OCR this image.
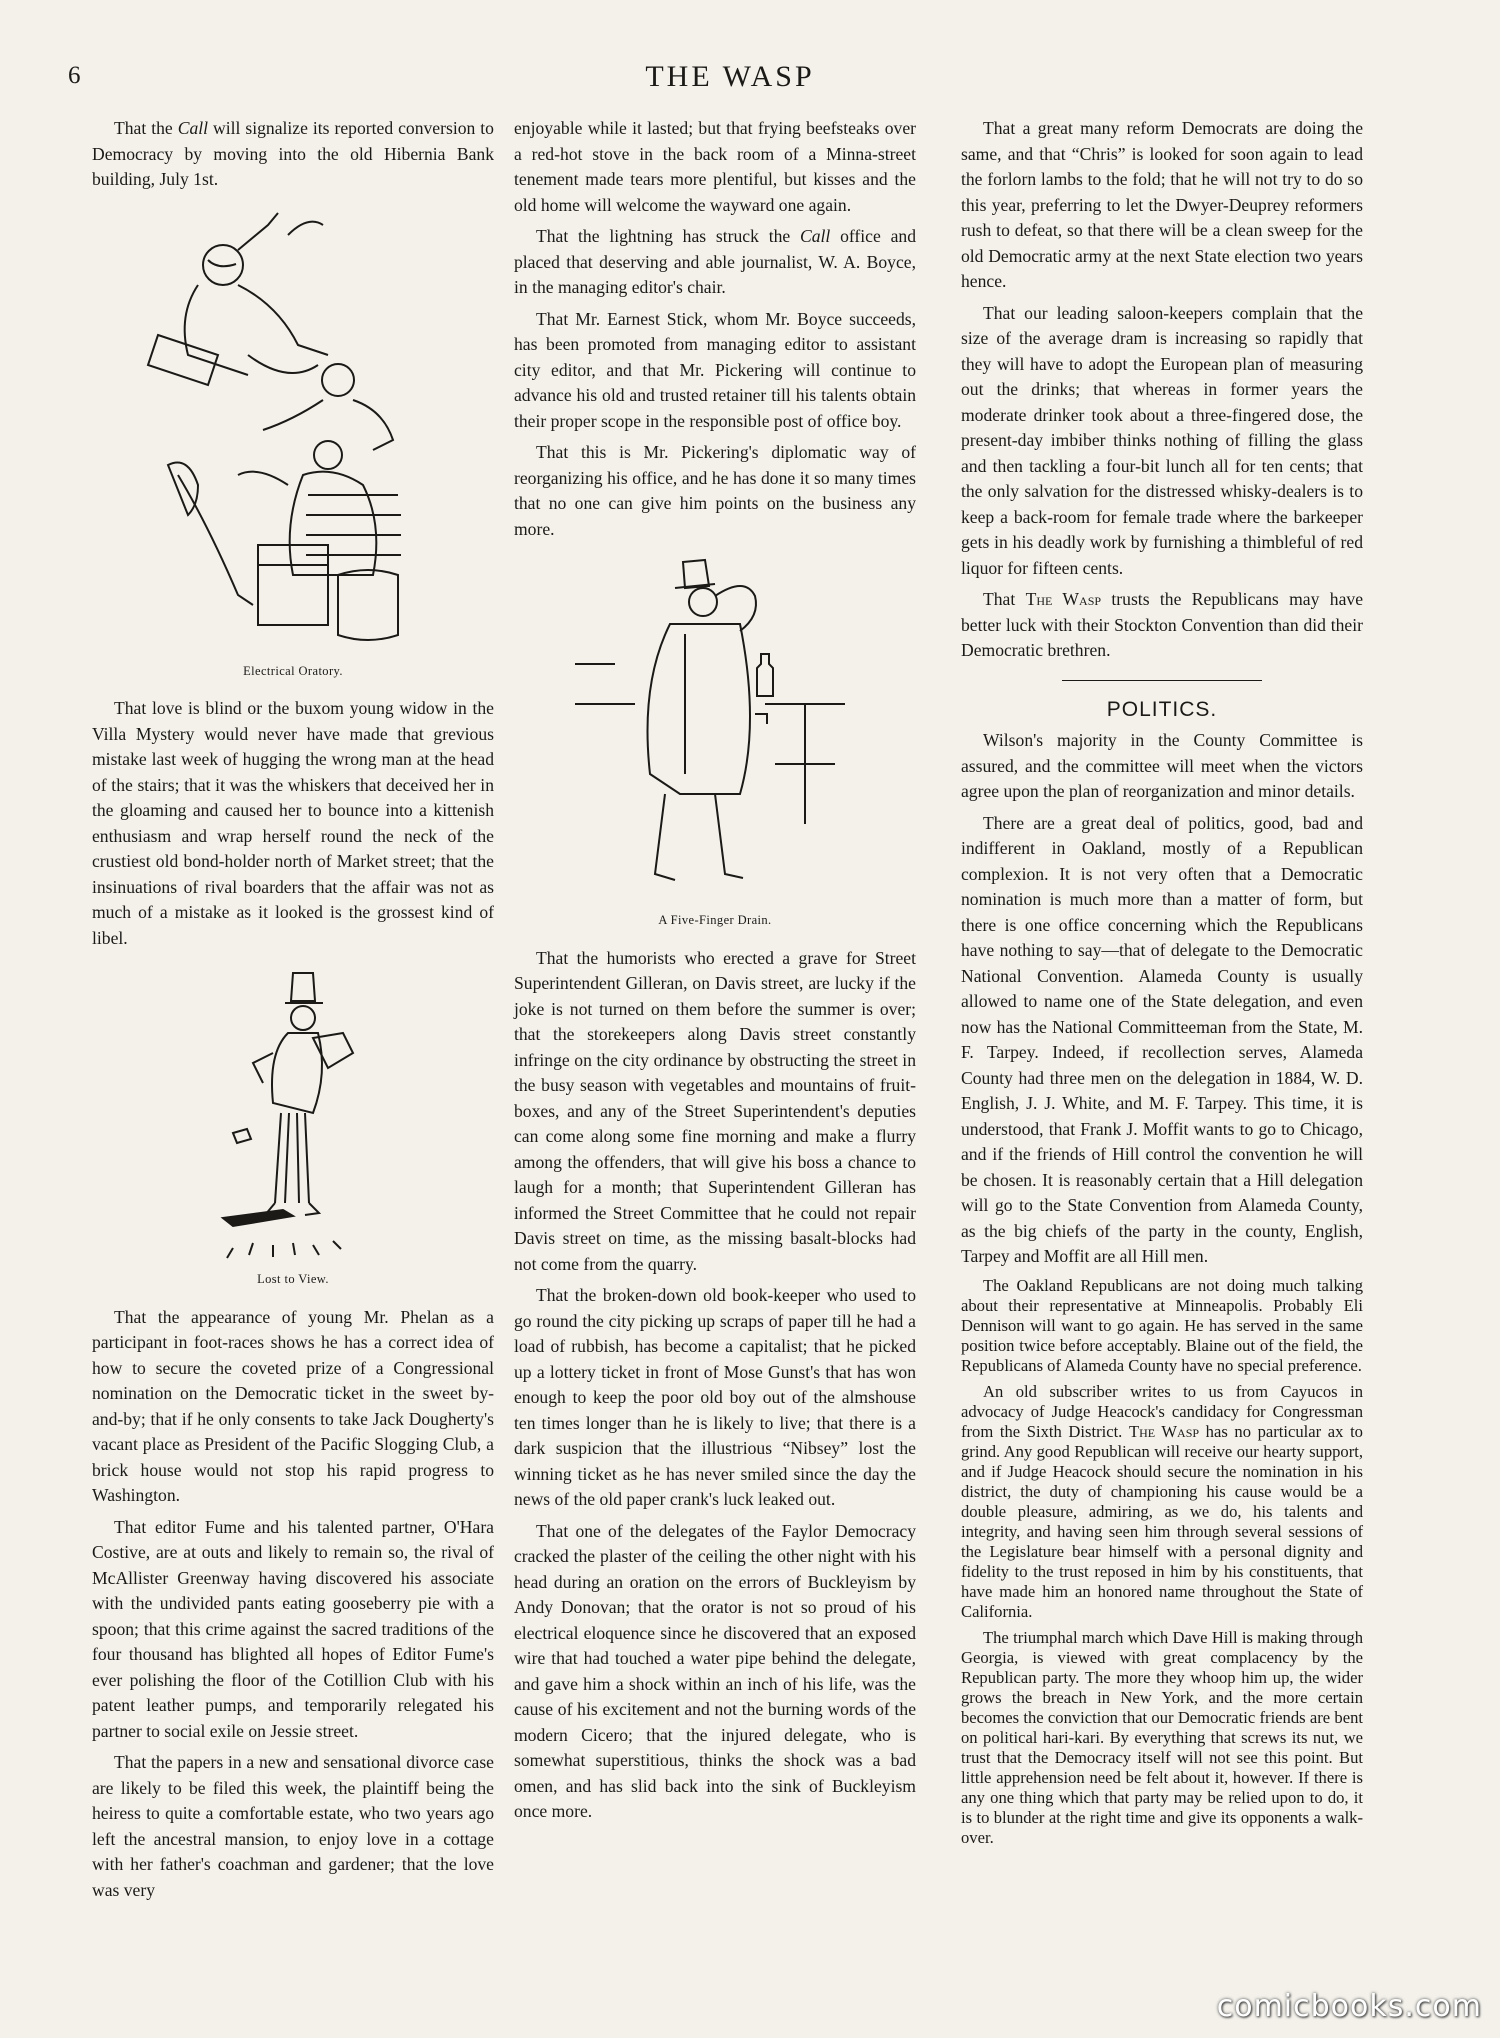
6	THE WASP

That the Call will signalize its reported conversion to Democracy by moving into the old Hibernia Bank building, July 1st.

Electrical Oratory.

That love is blind or the buxom young widow in the Villa Mystery would never have made that grevious mistake last week of hugging the wrong man at the head of the stairs; that it was the whiskers that deceived her in the gloaming and caused her to bounce into a kittenish enthusiasm and wrap herself round the neck of the crustiest old bond-holder north of Market street; that the insinuations of rival boarders that the affair was not as much of a mistake as it looked is the grossest kind of libel.

Lost to View.

That the appearance of young Mr. Phelan as a participant in foot-races shows he has a correct idea of how to secure the coveted prize of a Congressional nomination on the Democratic ticket in the sweet by-and-by; that if he only consents to take Jack Dougherty's vacant place as President of the Pacific Slogging Club, a brick house would not stop his rapid progress to Washington.

That editor Fume and his talented partner, O'Hara Costive, are at outs and likely to remain so, the rival of McAllister Greenway having discovered his associate with the undivided pants eating gooseberry pie with a spoon; that this crime against the sacred traditions of the four thousand has blighted all hopes of Editor Fume's ever polishing the floor of the Cotillion Club with his patent leather pumps, and temporarily relegated his partner to social exile on Jessie street.

That the papers in a new and sensational divorce case are likely to be filed this week, the plaintiff being the heiress to quite a comfortable estate, who two years ago left the ancestral mansion, to enjoy love in a cottage with her father's coachman and gardener; that the love was very

enjoyable while it lasted; but that frying beefsteaks over a red-hot stove in the back room of a Minna-street tenement made tears more plentiful, but kisses and the old home will welcome the wayward one again.

That the lightning has struck the Call office and placed that deserving and able journalist, W. A. Boyce, in the managing editor's chair.

That Mr. Earnest Stick, whom Mr. Boyce succeeds, has been promoted from managing editor to assistant city editor, and that Mr. Pickering will continue to advance his old and trusted retainer till his talents obtain their proper scope in the responsible post of office boy.

That this is Mr. Pickering's diplomatic way of reorganizing his office, and he has done it so many times that no one can give him points on the business any more.

A Five-Finger Drain.

That the humorists who erected a grave for Street Superintendent Gilleran, on Davis street, are lucky if the joke is not turned on them before the summer is over; that the storekeepers along Davis street constantly infringe on the city ordinance by obstructing the street in the busy season with vegetables and mountains of fruit-boxes, and any of the Street Superintendent's deputies can come along some fine morning and make a flurry among the offenders, that will give his boss a chance to laugh for a month; that Superintendent Gilleran has informed the Street Committee that he could not repair Davis street on time, as the missing basalt-blocks had not come from the quarry.

That the broken-down old book-keeper who used to go round the city picking up scraps of paper till he had a load of rubbish, has become a capitalist; that he picked up a lottery ticket in front of Mose Gunst's that has won enough to keep the poor old boy out of the almshouse ten times longer than he is likely to live; that there is a dark suspicion that the illustrious “Nibsey” lost the winning ticket as he has never smiled since the day the news of the old paper crank's luck leaked out.

That one of the delegates of the Faylor Democracy cracked the plaster of the ceiling the other night with his head during an oration on the errors of Buckleyism by Andy Donovan; that the orator is not so proud of his electrical eloquence since he discovered that an exposed wire that had touched a water pipe behind the delegate, and gave him a shock within an inch of his life, was the cause of his excitement and not the burning words of the modern Cicero; that the injured delegate, who is somewhat superstitious, thinks the shock was a bad omen, and has slid back into the sink of Buckleyism once more.

That a great many reform Democrats are doing the same, and that “Chris” is looked for soon again to lead the forlorn lambs to the fold; that he will not try to do so this year, preferring to let the Dwyer-Deuprey reformers rush to defeat, so that there will be a clean sweep for the old Democratic army at the next State election two years hence.

That our leading saloon-keepers complain that the size of the average dram is increasing so rapidly that they will have to adopt the European plan of measuring out the drinks; that whereas in former years the moderate drinker took about a three-fingered dose, the present-day imbiber thinks nothing of filling the glass and then tackling a four-bit lunch all for ten cents; that the only salvation for the distressed whisky-dealers is to keep a back-room for female trade where the barkeeper gets in his deadly work by furnishing a thimbleful of red liquor for fifteen cents.

That The Wasp trusts the Republicans may have better luck with their Stockton Convention than did their Democratic brethren.

POLITICS.

Wilson's majority in the County Committee is assured, and the committee will meet when the victors agree upon the plan of reorganization and minor details.

There are a great deal of politics, good, bad and indifferent in Oakland, mostly of a Republican complexion. It is not very often that a Democratic nomination is much more than a matter of form, but there is one office concerning which the Republicans have nothing to say—that of delegate to the Democratic National Convention. Alameda County is usually allowed to name one of the State delegation, and even now has the National Committeeman from the State, M. F. Tarpey. Indeed, if recollection serves, Alameda County had three men on the delegation in 1884, W. D. English, J. J. White, and M. F. Tarpey. This time, it is understood, that Frank J. Moffit wants to go to Chicago, and if the friends of Hill control the convention he will be chosen. It is reasonably certain that a Hill delegation will go to the State Convention from Alameda County, as the big chiefs of the party in the county, English, Tarpey and Moffit are all Hill men.

The Oakland Republicans are not doing much talking about their representative at Minneapolis. Probably Eli Dennison will want to go again. He has served in the same position twice before acceptably. Blaine out of the field, the Republicans of Alameda County have no special preference.

An old subscriber writes to us from Cayucos in advocacy of Judge Heacock's candidacy for Congressman from the Sixth District. The Wasp has no particular ax to grind. Any good Republican will receive our hearty support, and if Judge Heacock should secure the nomination in his district, the duty of championing his cause would be a double pleasure, admiring, as we do, his talents and integrity, and having seen him through several sessions of the Legislature bear himself with a personal dignity and fidelity to the trust reposed in him by his constituents, that have made him an honored name throughout the State of California.

The triumphal march which Dave Hill is making through Georgia, is viewed with great complacency by the Republican party. The more they whoop him up, the wider grows the breach in New York, and the more certain becomes the conviction that our Democratic friends are bent on political hari-kari. By everything that screws its nut, we trust that the Democracy itself will not see this point. But little apprehension need be felt about it, however. If there is any one thing which that party may be relied upon to do, it is to blunder at the right time and give its opponents a walk-over.

comicbooks.com
